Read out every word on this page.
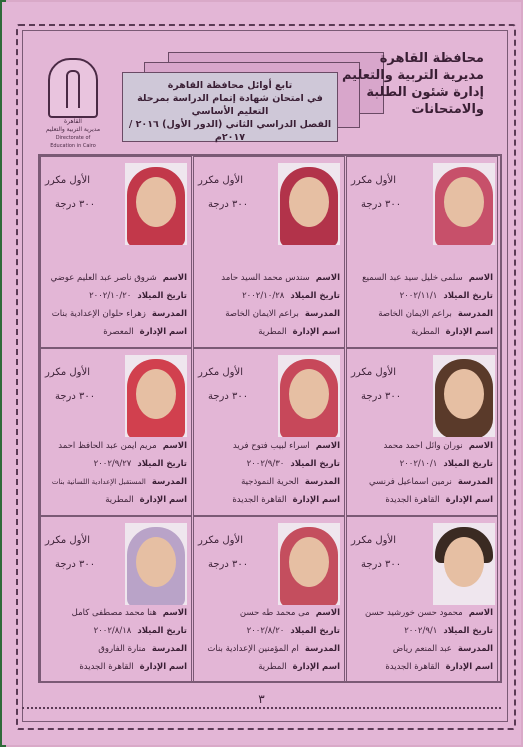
القاهرة
مديرية التربية والتعليم
Directorate of Education in Cairo

تابع أوائل محافظة القاهرة

في امتحان شهادة إتمام الدراسة بمرحلة التعليم الأساسي

الفصل الدراسي الثاني (الدور الأول) ٢٠١٦ / ٢٠١٧م

محافظة القاهرة
مديرية التربية والتعليم
إدارة شئون الطلبة والامتحانات
الأول مكرر
٣٠٠ درجة
الاسم
سلمى خليل سيد عبد السميع
تاريخ الميلاد
٢٠٠٢/١١/١
المدرسة
براعم الايمان الخاصة
اسم الإدارة
المطرية
الأول مكرر
٣٠٠ درجة
الاسم
سندس محمد السيد حامد
تاريخ الميلاد
٢٠٠٢/١٠/٢٨
المدرسة
براعم الايمان الخاصة
اسم الإدارة
المطرية
الأول مكرر
٣٠٠ درجة
الاسم
شروق ناصر عبد العليم عوضي
تاريخ الميلاد
٢٠٠٢/١٠/٢٠
المدرسة
زهراء حلوان الإعدادية بنات
اسم الإدارة
المعصرة
الأول مكرر
٣٠٠ درجة
الاسم
نوران وائل احمد محمد
تاريخ الميلاد
٢٠٠٢/١٠/١
المدرسة
نرمين اسماعيل فرنسي
اسم الإدارة
القاهرة الجديدة
الأول مكرر
٣٠٠ درجة
الاسم
اسراء لبيب فتوح فريد
تاريخ الميلاد
٢٠٠٢/٩/٣٠
المدرسة
الحرية النموذجية
اسم الإدارة
القاهرة الجديدة
الأول مكرر
٣٠٠ درجة
الاسم
مريم ايمن عبد الحافظ احمد
تاريخ الميلاد
٢٠٠٢/٩/٢٧
المدرسة
المستقبل الإعدادية اللسانية بنات
اسم الإدارة
المطرية
الأول مكرر
٣٠٠ درجة
الاسم
محمود حسن خورشيد حسن
تاريخ الميلاد
٢٠٠٢/٩/١
المدرسة
عبد المنعم رياض
اسم الإدارة
القاهرة الجديدة
الأول مكرر
٣٠٠ درجة
الاسم
مى محمد طه حسن
تاريخ الميلاد
٢٠٠٢/٨/٢٠
المدرسة
ام المؤمنين الإعدادية بنات
اسم الإدارة
المطرية
الأول مكرر
٣٠٠ درجة
الاسم
هنا محمد مصطفى كامل
تاريخ الميلاد
٢٠٠٢/٨/١٨
المدرسة
منارة الفاروق
اسم الإدارة
القاهرة الجديدة
٣
